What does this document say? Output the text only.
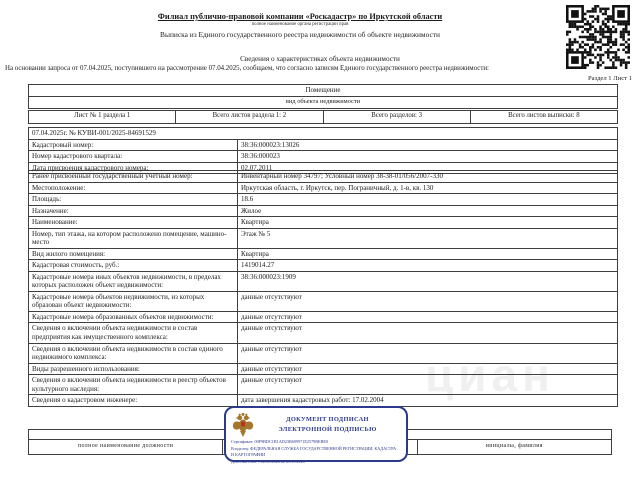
циан
Филиал публично-правовой компании «Роскадастр» по Иркутской области
полное наименование органа регистрации прав
Выписка из Единого государственного реестра недвижимости об объекте недвижимости
Сведения о характеристиках объекта недвижимости
На основании запроса от 07.04.2025, поступившего на рассмотрение 07.04.2025, сообщаем, что согласно записям Единого государственного реестра недвижимости:
Раздел 1 Лист 1
Помещение
вид объекта недвижимости
Лист № 1 раздела 1	Всего листов раздела 1: 2	Всего разделов: 3	Всего листов выписки: 8
07.04.2025г. № КУВИ-001/2025-84691529	
Кадастровый номер:	38:36:000023:13026
Номер кадастрового квартала:	38:36:000023
Дата присвоения кадастрового номера:	02.07.2011
Ранее присвоенный государственный учетный номер:	Инвентарный номер 34797; Условный номер 38-38-01/056/2007-330
Местоположение:	Иркутская область, г. Иркутск, пер. Пограничный, д. 1-в, кв. 130
Площадь:	18.6
Назначение:	Жилое
Наименование:	Квартира
Номер, тип этажа, на котором расположено помещение, машино-место	Этаж № 5
Вид жилого помещения:	Квартира
Кадастровая стоимость, руб.:	1419014.27
Кадастровые номера иных объектов недвижимости, в пределах которых расположен объект недвижимости:	38:36:000023:1909
Кадастровые номера объектов недвижимости, из которых образован объект недвижимости:	данные отсутствуют
Кадастровые номера образованных объектов недвижимости:	данные отсутствуют
Сведения о включении объекта недвижимости в состав предприятия как имущественного комплекса:	данные отсутствуют
Сведения о включении объекта недвижимости в состав единого недвижимого комплекса:	данные отсутствуют
Виды разрешенного использования:	данные отсутствуют
Сведения о включении объекта недвижимости в реестр объектов культурного наследия:	данные отсутствуют
Сведения о кадастровом инженере:	дата завершения кадастровых работ: 17.02.2004

полное наименование должности		инициалы, фамилия
ДОКУМЕНТ ПОДПИСАН
ЭЛЕКТРОННОЙ ПОДПИСЬЮ
Сертификат: 00F9BDC1B1AD23B699971E2579BEBE0
Владелец: ФЕДЕРАЛЬНАЯ СЛУЖБА ГОСУДАРСТВЕННОЙ РЕГИСТРАЦИИ, КАДАСТРА И КАРТОГРАФИИ
Действителен: с 02.08.2024 по 26.10.2025
